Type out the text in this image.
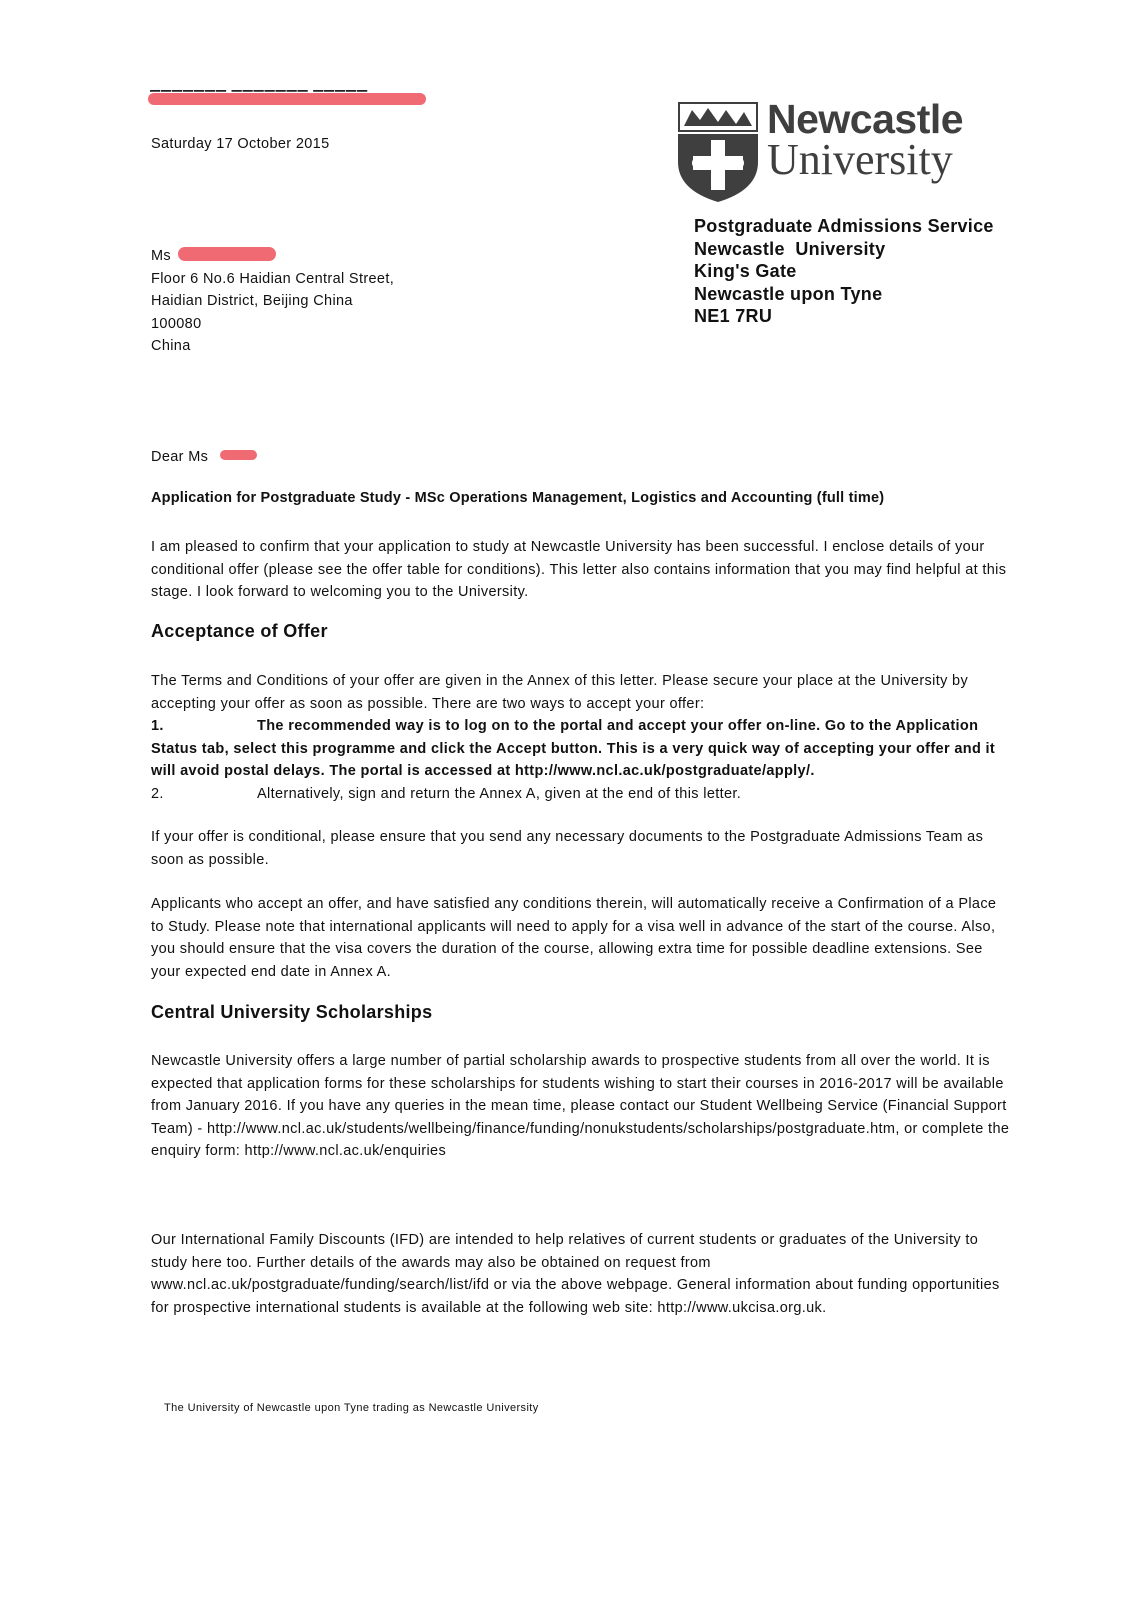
Saturday 17 October 2015
Newcastle
University
Ms
Floor 6 No.6 Haidian Central Street,
Haidian District, Beijing China
100080
China
Postgraduate Admissions Service
Newcastle  University
King's Gate
Newcastle upon Tyne
NE1 7RU
Dear Ms
Application for Postgraduate Study - MSc Operations Management, Logistics and Accounting (full time)

I am pleased to confirm that your application to study at Newcastle University has been successful. I enclose details of your conditional offer (please see the offer table for conditions). This letter also contains information that you may find helpful at this stage. I look forward to welcoming you to the University.

Acceptance of Offer
The Terms and Conditions of your offer are given in the Annex of this letter. Please secure your place at the University by accepting your offer as soon as possible. There are two ways to accept your offer:
1.	The recommended way is to log on to the portal and accept your offer on-line. Go to the Application Status tab, select this programme and click the Accept button. This is a very quick way of accepting your offer and it will avoid postal delays. The portal is accessed at http://www.ncl.ac.uk/postgraduate/apply/.
2.	Alternatively, sign and return the Annex A, given at the end of this letter.

If your offer is conditional, please ensure that you send any necessary documents to the Postgraduate Admissions Team as soon as possible.

Applicants who accept an offer, and have satisfied any conditions therein, will automatically receive a Confirmation of a Place to Study. Please note that international applicants will need to apply for a visa well in advance of the start of the course. Also, you should ensure that the visa covers the duration of the course, allowing extra time for possible deadline extensions. See your expected end date in Annex A.

Central University Scholarships

Newcastle University offers a large number of partial scholarship awards to prospective students from all over the world. It is expected that application forms for these scholarships for students wishing to start their courses in 2016-2017 will be available from January 2016. If you have any queries in the mean time, please contact our Student Wellbeing Service (Financial Support Team) - http://www.ncl.ac.uk/students/wellbeing/finance/funding/nonukstudents/scholarships/postgraduate.htm, or complete the enquiry form: http://www.ncl.ac.uk/enquiries

Our International Family Discounts (IFD) are intended to help relatives of current students or graduates of the University to study here too. Further details of the awards may also be obtained on request from www.ncl.ac.uk/postgraduate/funding/search/list/ifd or via the above webpage. General information about funding opportunities for prospective international students is available at the following web site: http://www.ukcisa.org.uk.

The University of Newcastle upon Tyne trading as Newcastle University
